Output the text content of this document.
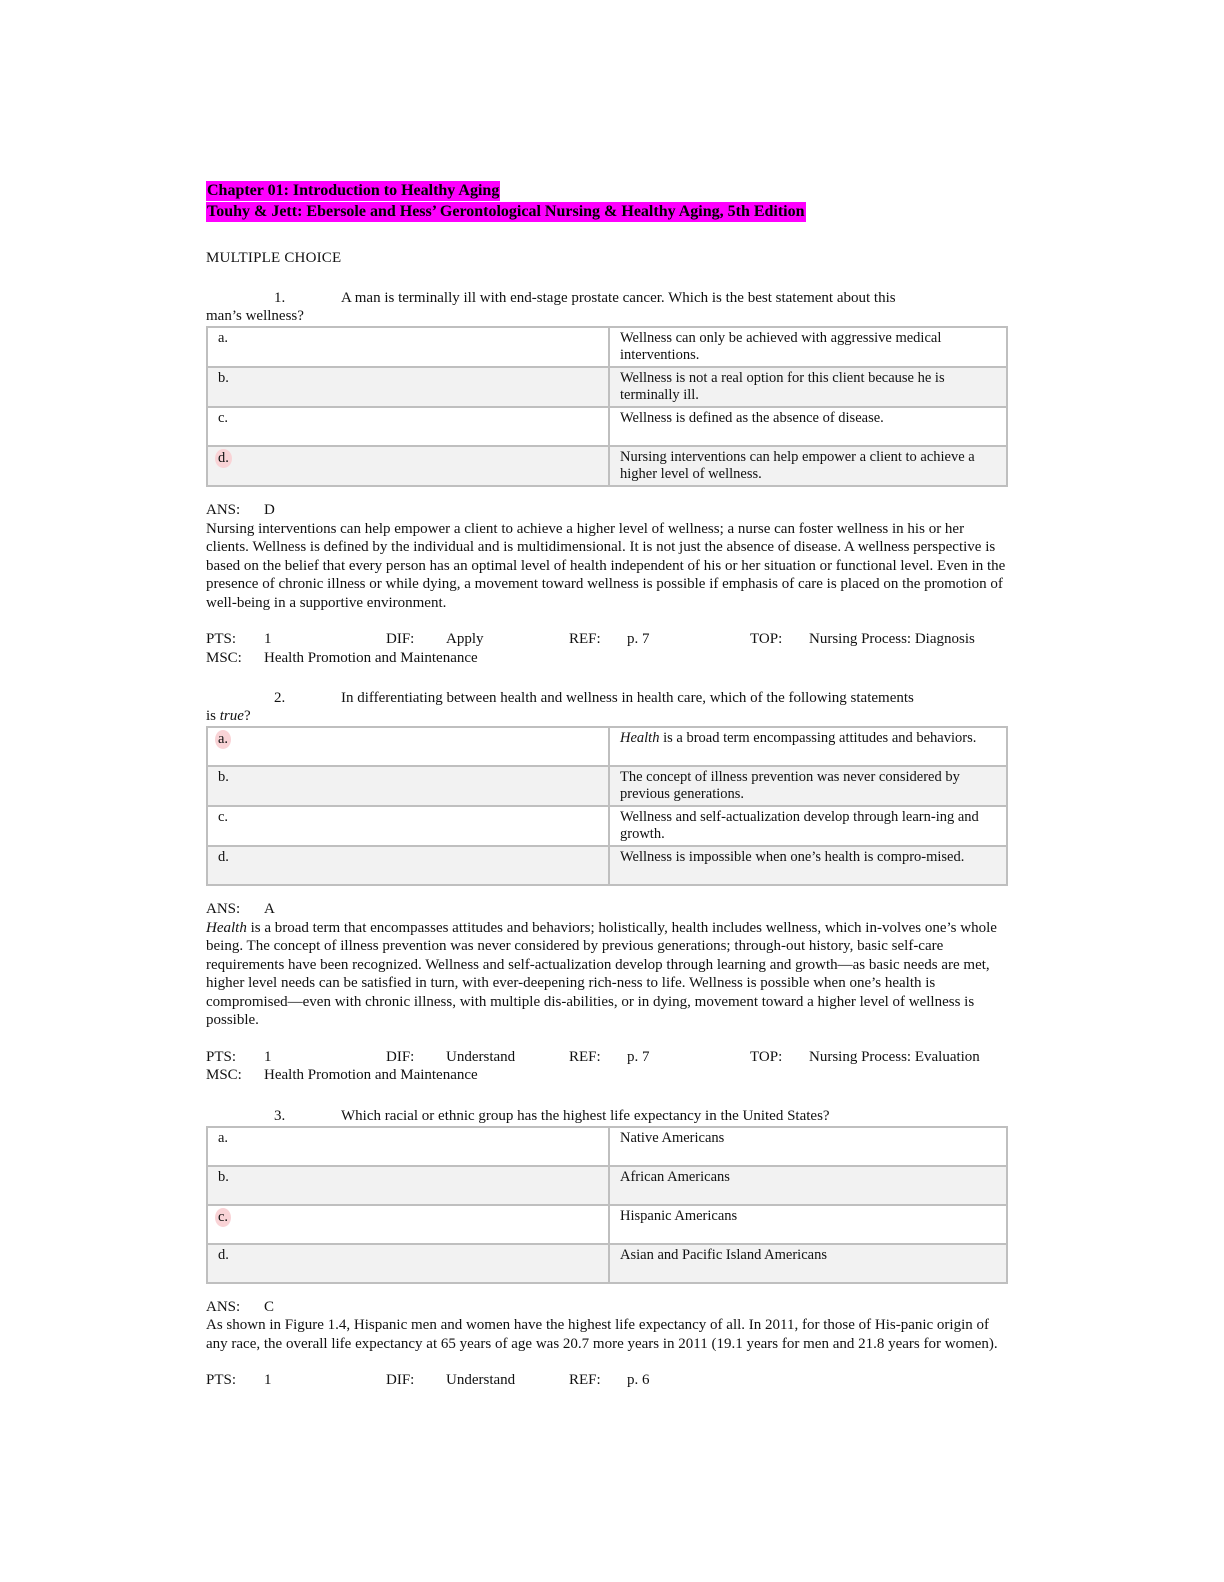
Chapter 01: Introduction to Healthy Aging
Touhy & Jett: Ebersole and Hess’ Gerontological Nursing & Healthy Aging, 5th Edition
MULTIPLE CHOICE
1.	A man is terminally ill with end-stage prostate cancer. Which is the best statement about this
man’s wellness?
a.	Wellness can only be achieved with aggressive medical interventions.
b.	Wellness is not a real option for this client because he is terminally ill.
c.	Wellness is defined as the absence of disease.
d.	Nursing interventions can help empower a client to achieve a higher level of wellness.
ANS: D

Nursing interventions can help empower a client to achieve a higher level of wellness; a nurse can foster wellness in his or her clients. Wellness is defined by the individual and is multidimensional. It is not just the absence of disease. A wellness perspective is based on the belief that every person has an optimal level of health independent of his or her situation or functional level. Even in the presence of chronic illness or while dying, a movement toward wellness is possible if emphasis of care is placed on the promotion of well-being in a supportive environment.

PTS: 1	DIF: Apply	REF: p. 7	TOP: Nursing Process: Diagnosis
MSC: Health Promotion and Maintenance
2.	In differentiating between health and wellness in health care, which of the following statements
is true?
a.	Health is a broad term encompassing attitudes and behaviors.
b.	The concept of illness prevention was never considered by previous generations.
c.	Wellness and self-actualization develop through learn-ing and growth.
d.	Wellness is impossible when one’s health is compro-mised.
ANS: A

Health is a broad term that encompasses attitudes and behaviors; holistically, health includes wellness, which in-volves one’s whole being. The concept of illness prevention was never considered by previous generations; through-out history, basic self-care requirements have been recognized. Wellness and self-actualization develop through learning and growth—as basic needs are met, higher level needs can be satisfied in turn, with ever-deepening rich-ness to life. Wellness is possible when one’s health is compromised—even with chronic illness, with multiple dis-abilities, or in dying, movement toward a higher level of wellness is possible.

PTS: 1	DIF: Understand	REF: p. 7	TOP: Nursing Process: Evaluation
MSC: Health Promotion and Maintenance
3.	Which racial or ethnic group has the highest life expectancy in the United States?
a.	Native Americans
b.	African Americans
c.	Hispanic Americans
d.	Asian and Pacific Island Americans
ANS: C

As shown in Figure 1.4, Hispanic men and women have the highest life expectancy of all. In 2011, for those of His-panic origin of any race, the overall life expectancy at 65 years of age was 20.7 more years in 2011 (19.1 years for men and 21.8 years for women).

PTS: 1	DIF: Understand	REF: p. 6
